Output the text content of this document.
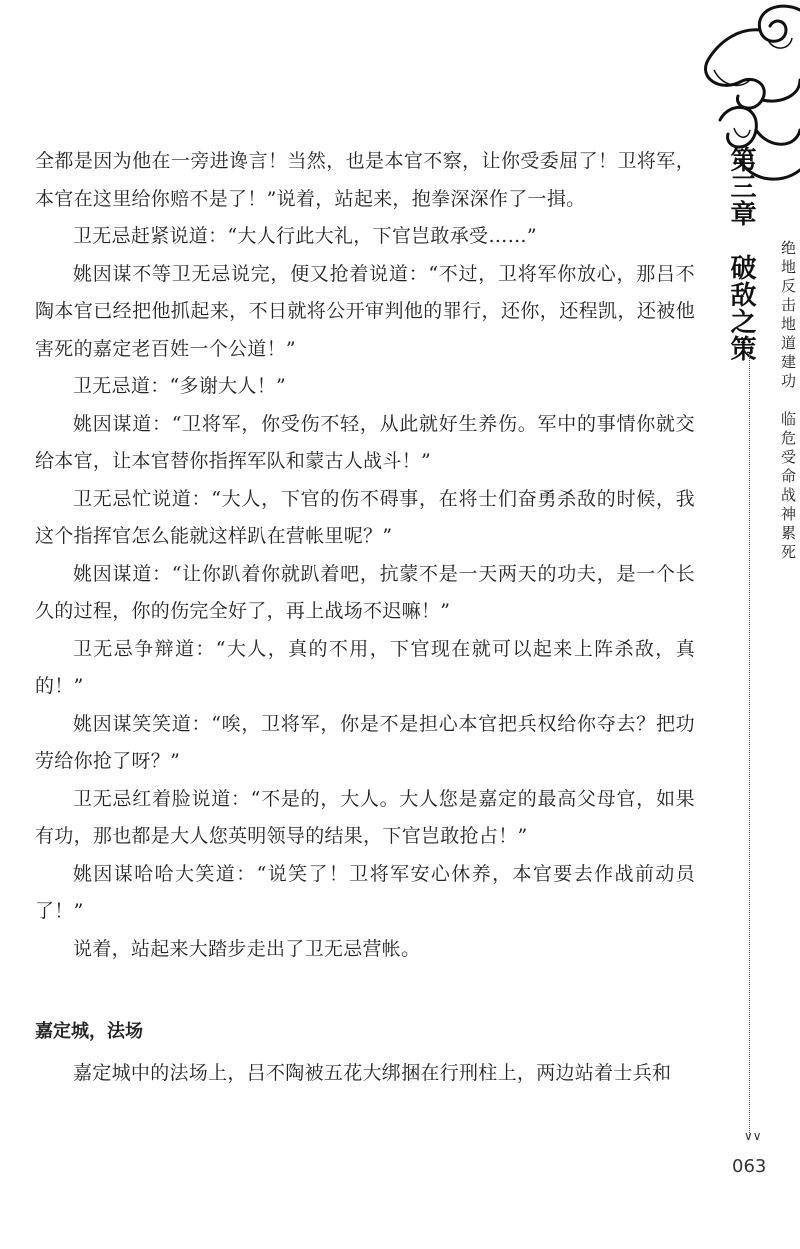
全都是因为他在一旁进谗言！当然，也是本官不察，让你受委屈了！卫将军，本官在这里给你赔不是了！”说着，站起来，抱拳深深作了一揖。

卫无忌赶紧说道：“大人行此大礼，下官岂敢承受……”

姚因谋不等卫无忌说完，便又抢着说道：“不过，卫将军你放心，那吕不陶本官已经把他抓起来，不日就将公开审判他的罪行，还你，还程凯，还被他害死的嘉定老百姓一个公道！”

卫无忌道：“多谢大人！”

姚因谋道：“卫将军，你受伤不轻，从此就好生养伤。军中的事情你就交给本官，让本官替你指挥军队和蒙古人战斗！”

卫无忌忙说道：“大人，下官的伤不碍事，在将士们奋勇杀敌的时候，我这个指挥官怎么能就这样趴在营帐里呢？”

姚因谋道：“让你趴着你就趴着吧，抗蒙不是一天两天的功夫，是一个长久的过程，你的伤完全好了，再上战场不迟嘛！”

卫无忌争辩道：“大人，真的不用，下官现在就可以起来上阵杀敌，真的！”

姚因谋笑笑道：“唉，卫将军，你是不是担心本官把兵权给你夺去？把功劳给你抢了呀？”

卫无忌红着脸说道：“不是的，大人。大人您是嘉定的最高父母官，如果有功，那也都是大人您英明领导的结果，下官岂敢抢占！”

姚因谋哈哈大笑道：“说笑了！卫将军安心休养，本官要去作战前动员了！”

说着，站起来大踏步走出了卫无忌营帐。

嘉定城，法场

嘉定城中的法场上，吕不陶被五花大绑捆在行刑柱上，两边站着士兵和

第三章　破敌之策	绝地反击地道建功　临危受命战神累死
∨∨
063
